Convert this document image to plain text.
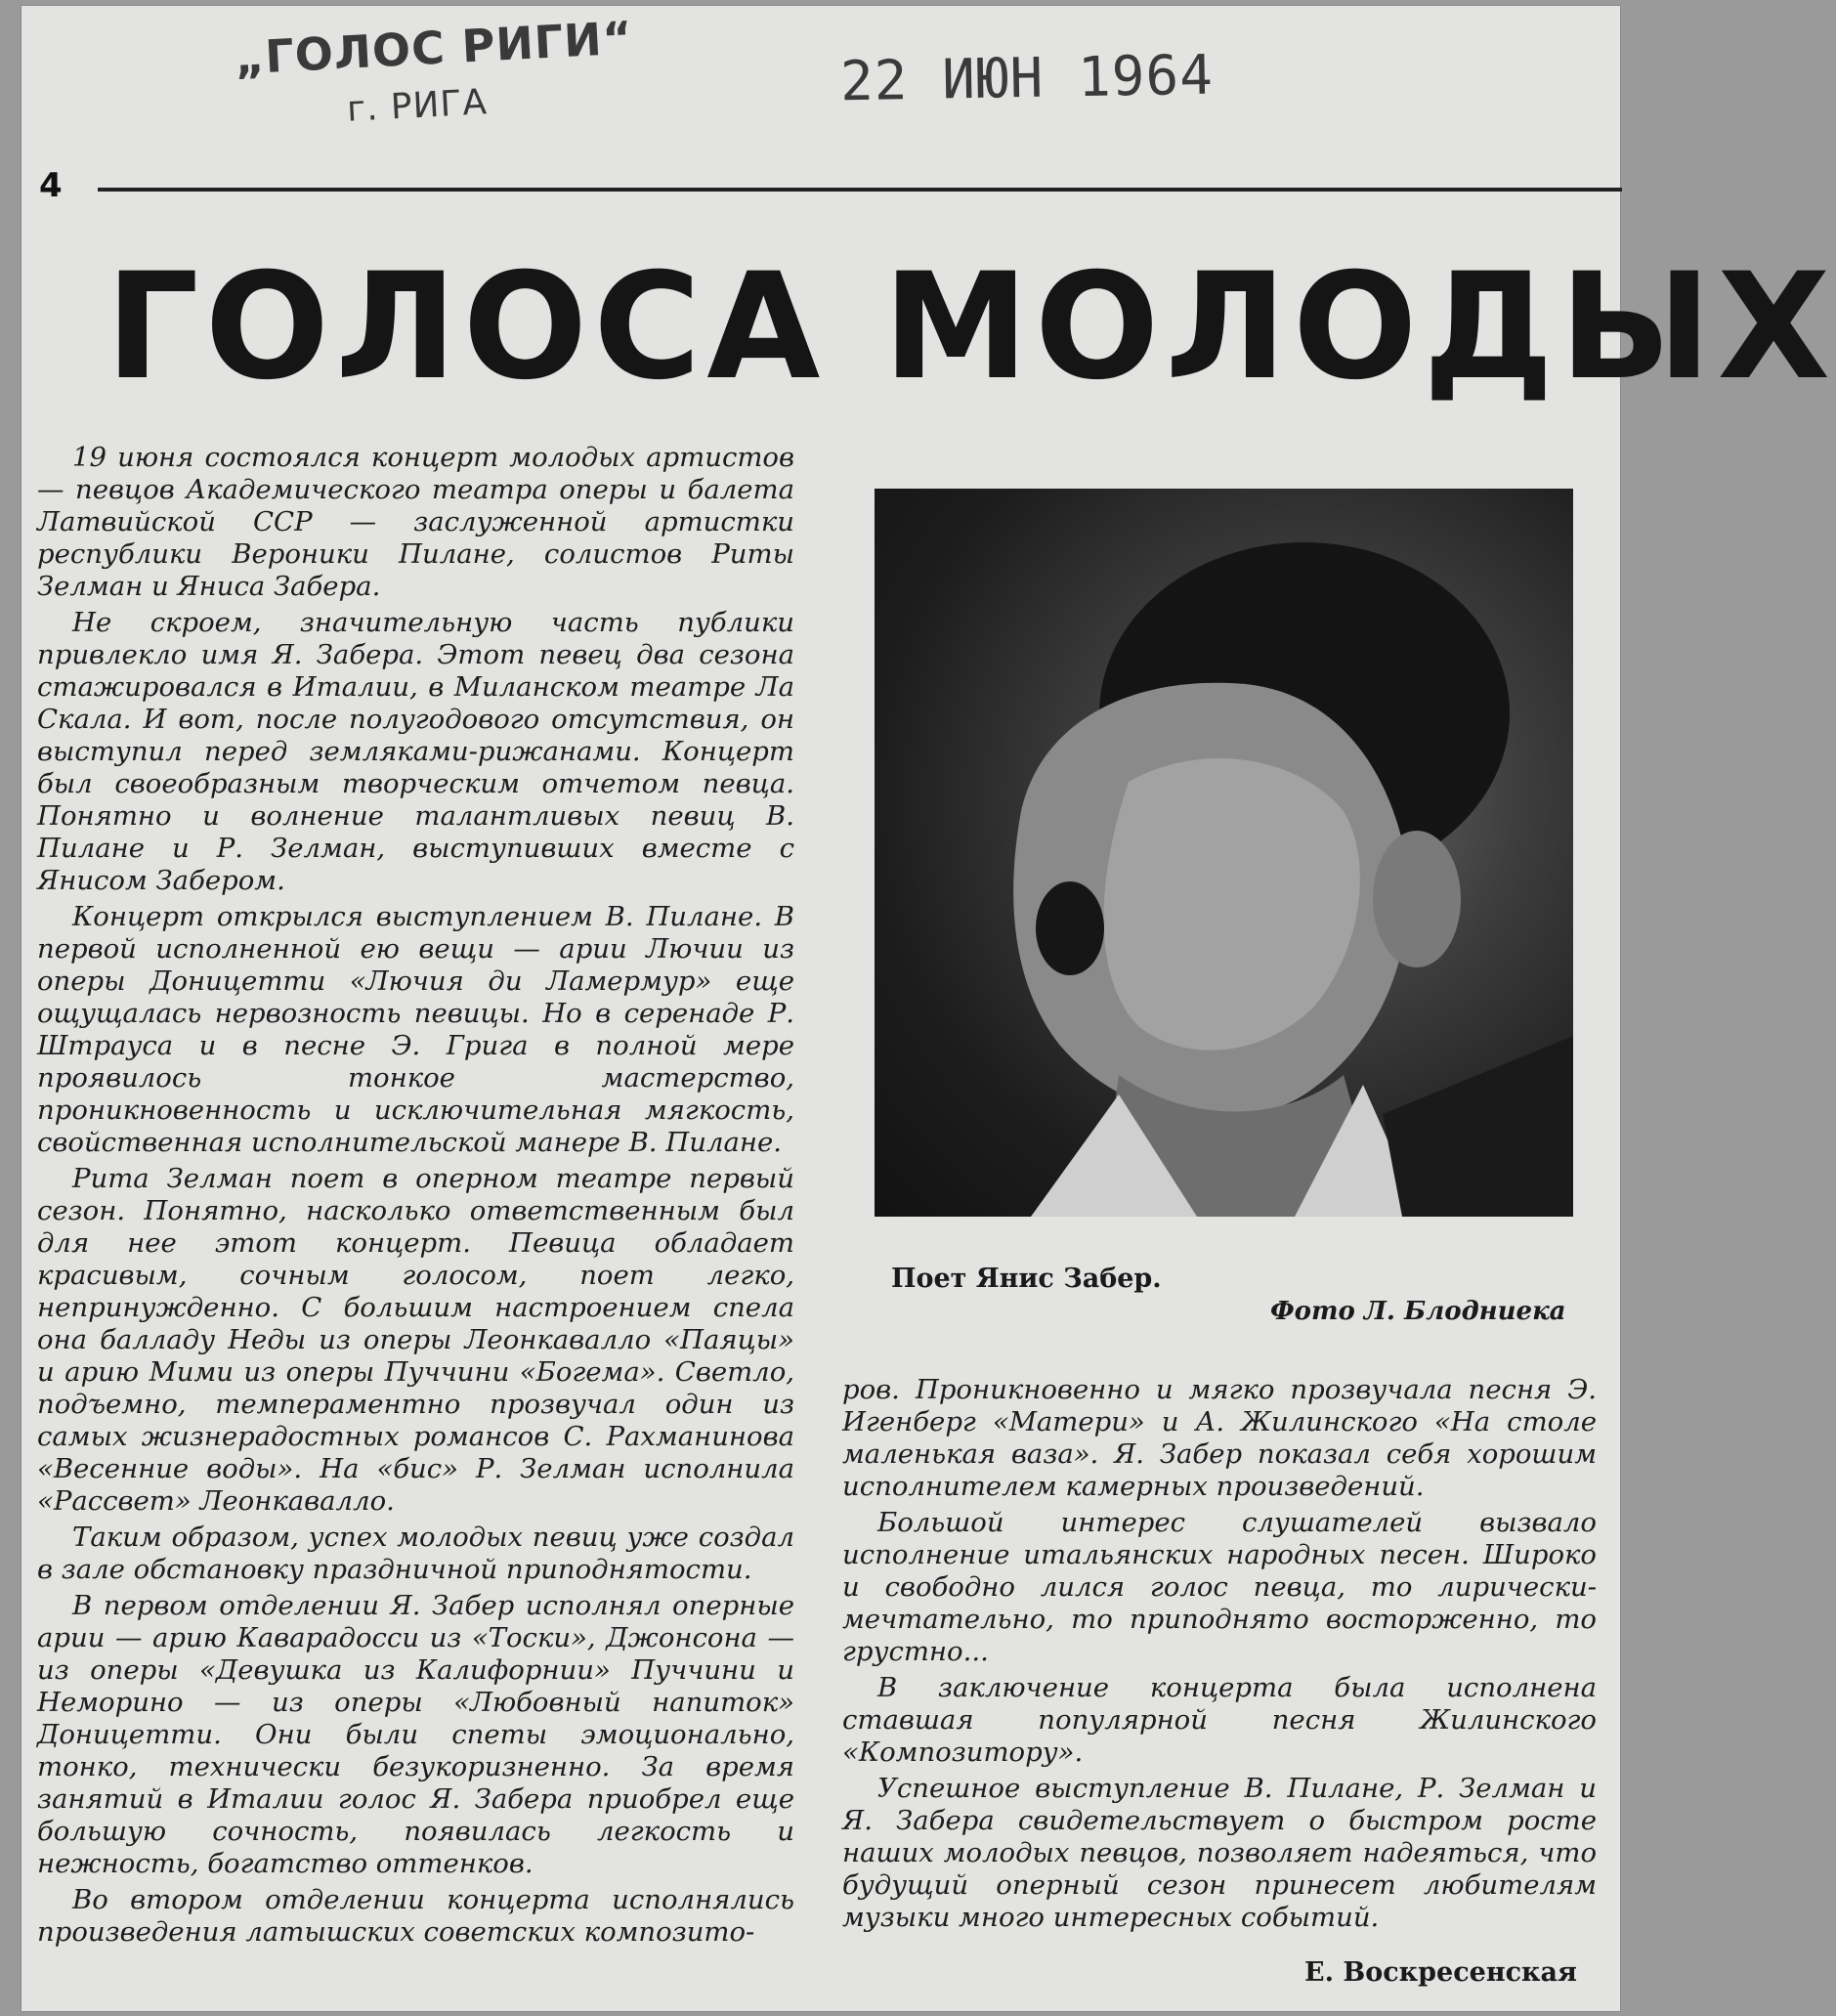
„ГОЛОС РИГИ“
г. РИГА	22 ИЮН 1964
4
ГОЛОСА МОЛОДЫХ

19 июня состоялся концерт молодых артистов — певцов Академического театра оперы и балета Латвийской ССР — заслуженной артистки республики Вероники Пилане, солистов Риты Зелман и Яниса Забера.

Не скроем, значительную часть публики привлекло имя Я. Забера. Этот певец два сезона стажировался в Италии, в Миланском театре Ла Скала. И вот, после полугодового отсутствия, он выступил перед земляками-рижанами. Концерт был своеобразным творческим отчетом певца. Понятно и волнение талантливых певиц В. Пилане и Р. Зелман, выступивших вместе с Янисом Забером.

Концерт открылся выступлением В. Пилане. В первой исполненной ею вещи — арии Лючии из оперы Доницетти «Лючия ди Ламермур» еще ощущалась нервозность певицы. Но в серенаде Р. Штрауса и в песне Э. Грига в полной мере проявилось тонкое мастерство, проникновенность и исключительная мягкость, свойственная исполнительской манере В. Пилане.

Рита Зелман поет в оперном театре первый сезон. Понятно, насколько ответственным был для нее этот концерт. Певица обладает красивым, сочным голосом, поет легко, непринужденно. С большим настроением спела она балладу Неды из оперы Леонкавалло «Паяцы» и арию Мими из оперы Пуччини «Богема». Светло, подъемно, темпераментно прозвучал один из самых жизнерадостных романсов С. Рахманинова «Весенние воды». На «бис» Р. Зелман исполнила «Рассвет» Леонкавалло.

Таким образом, успех молодых певиц уже создал в зале обстановку праздничной приподнятости.

В первом отделении Я. Забер исполнял оперные арии — арию Каварадосси из «Тоски», Джонсона — из оперы «Девушка из Калифорнии» Пуччини и Неморино — из оперы «Любовный напиток» Доницетти. Они были спеты эмоционально, тонко, технически безукоризненно. За время занятий в Италии голос Я. Забера приобрел еще большую сочность, появилась легкость и нежность, богатство оттенков.

Во втором отделении концерта исполнялись произведения латышских советских композито-

Поет Янис Забер.
Фото Л. Блодниека

ров. Проникновенно и мягко прозвучала песня Э. Игенберг «Матери» и А. Жилинского «На столе маленькая ваза». Я. Забер показал себя хорошим исполнителем камерных произведений.

Большой интерес слушателей вызвало исполнение итальянских народных песен. Широко и свободно лился голос певца, то лирически-мечтательно, то приподнято восторженно, то грустно...

В заключение концерта была исполнена ставшая популярной песня Жилинского «Композитору».

Успешное выступление В. Пилане, Р. Зелман и Я. Забера свидетельствует о быстром росте наших молодых певцов, позволяет надеяться, что будущий оперный сезон принесет любителям музыки много интересных событий.

Е. Воскресенская
